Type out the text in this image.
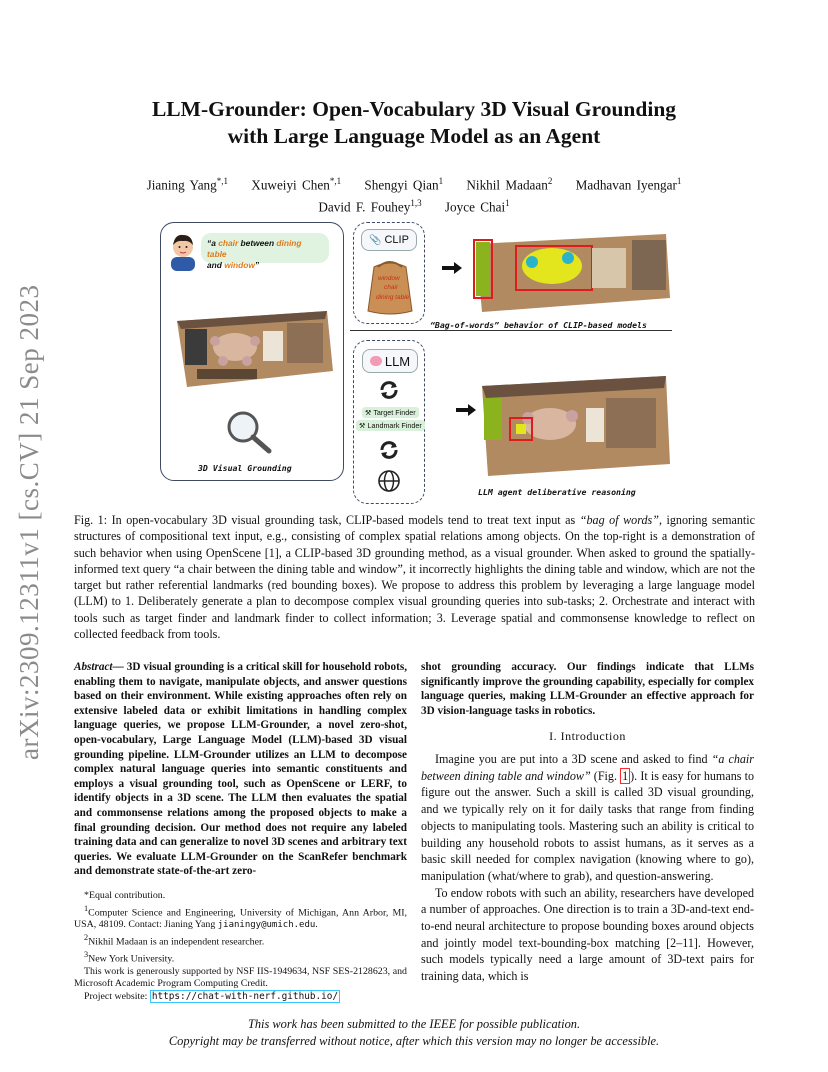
arXiv:2309.12311v1 [cs.CV] 21 Sep 2023
LLM-Grounder: Open-Vocabulary 3D Visual Grounding
with Large Language Model as an Agent
Jianing Yang$^{*,1}$ Xuweiyi Chen$^{*,1}$ Shengyi Qian$^1$ Nikhil Madaan$^2$ Madhavan Iyengar$^1$
David F. Fouhey$^{1,3}$ Joyce Chai$^1$
“a chair between dining table
and window”
3D Visual Grounding
📎 CLIP
window
chair
dining table
“Bag-of-words” behavior of CLIP-based models
LLM
⚒ Target Finder
⚒ Landmark Finder
LLM agent deliberative reasoning
Fig. 1: In open-vocabulary 3D visual grounding task, CLIP-based models tend to treat text input as “bag of words”, ignoring semantic structures of compositional text input, e.g., consisting of complex spatial relations among objects. On the top-right is a demonstration of such behavior when using OpenScene [1], a CLIP-based 3D grounding method, as a visual grounder. When asked to ground the spatially-informed text query “a chair between the dining table and window”, it incorrectly highlights the dining table and window, which are not the target but rather referential landmarks (red bounding boxes). We propose to address this problem by leveraging a large language model (LLM) to 1. Deliberately generate a plan to decompose complex visual grounding queries into sub-tasks; 2. Orchestrate and interact with tools such as target finder and landmark finder to collect information; 3. Leverage spatial and commonsense knowledge to reflect on collected feedback from tools.
Abstract— 3D visual grounding is a critical skill for household robots, enabling them to navigate, manipulate objects, and answer questions based on their environment. While existing approaches often rely on extensive labeled data or exhibit limitations in handling complex language queries, we propose LLM-Grounder, a novel zero-shot, open-vocabulary, Large Language Model (LLM)-based 3D visual grounding pipeline. LLM-Grounder utilizes an LLM to decompose complex natural language queries into semantic constituents and employs a visual grounding tool, such as OpenScene or LERF, to identify objects in a 3D scene. The LLM then evaluates the spatial and commonsense relations among the proposed objects to make a final grounding decision. Our method does not require any labeled training data and can generalize to novel 3D scenes and arbitrary text queries. We evaluate LLM-Grounder on the ScanRefer benchmark and demonstrate state-of-the-art zero-
shot grounding accuracy. Our findings indicate that LLMs significantly improve the grounding capability, especially for complex language queries, making LLM-Grounder an effective approach for 3D vision-language tasks in robotics.
I. Introduction

Imagine you are put into a 3D scene and asked to find “a chair between dining table and window” (Fig. 1 ). It is easy for humans to figure out the answer. Such a skill is called 3D visual grounding, and we typically rely on it for daily tasks that range from finding objects to manipulating tools. Mastering such an ability is critical to building any household robots to assist humans, as it serves as a basic skill needed for complex navigation (knowing where to go), manipulation (what/where to grab), and question-answering.

To endow robots with such an ability, researchers have developed a number of approaches. One direction is to train a 3D-and-text end-to-end neural architecture to propose bounding boxes around objects and jointly model text-bounding-box matching [2–11]. However, such models typically need a large amount of 3D-text pairs for training data, which is

*Equal contribution.
$^1$Computer Science and Engineering, University of Michigan, Ann Arbor, MI, USA, 48109. Contact: Jianing Yang jianingy@umich.edu.
$^2$Nikhil Madaan is an independent researcher.
$^3$New York University.
This work is generously supported by NSF IIS-1949634, NSF SES-2128623, and Microsoft Academic Program Computing Credit.
Project website: https://chat-with-nerf.github.io/
This work has been submitted to the IEEE for possible publication.
Copyright may be transferred without notice, after which this version may no longer be accessible.
